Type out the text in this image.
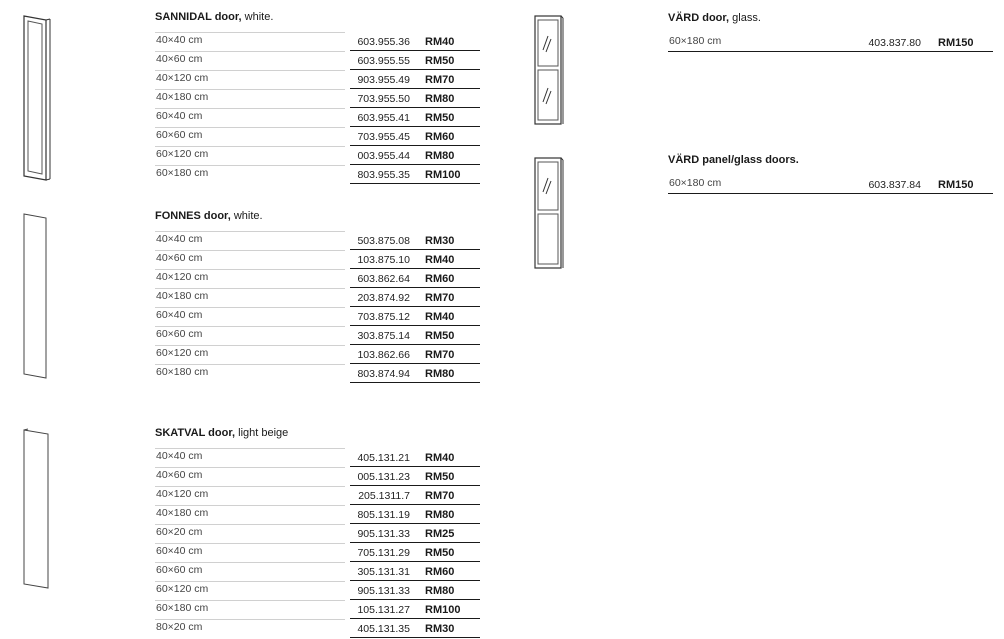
SANNIDAL door, white.
40×40 cm	603.955.36 RM40
40×60 cm	603.955.55 RM50
40×120 cm	903.955.49 RM70
40×180 cm	703.955.50 RM80
60×40 cm	603.955.41 RM50
60×60 cm	703.955.45 RM60
60×120 cm	003.955.44 RM80
60×180 cm	803.955.35 RM100
FONNES door, white.
40×40 cm	503.875.08 RM30
40×60 cm	103.875.10 RM40
40×120 cm	603.862.64 RM60
40×180 cm	203.874.92 RM70
60×40 cm	703.875.12 RM40
60×60 cm	303.875.14 RM50
60×120 cm	103.862.66 RM70
60×180 cm	803.874.94 RM80
SKATVAL door, light beige
40×40 cm	405.131.21 RM40
40×60 cm	005.131.23 RM50
40×120 cm	205.1311.7 RM70
40×180 cm	805.131.19 RM80
60×20 cm	905.131.33 RM25
60×40 cm	705.131.29 RM50
60×60 cm	305.131.31 RM60
60×120 cm	905.131.33 RM80
60×180 cm	105.131.27 RM100
80×20 cm	405.131.35 RM30
VÄRD door, glass.
60×180 cm	403.837.80 RM150
VÄRD panel/glass doors.
60×180 cm	603.837.84 RM150
